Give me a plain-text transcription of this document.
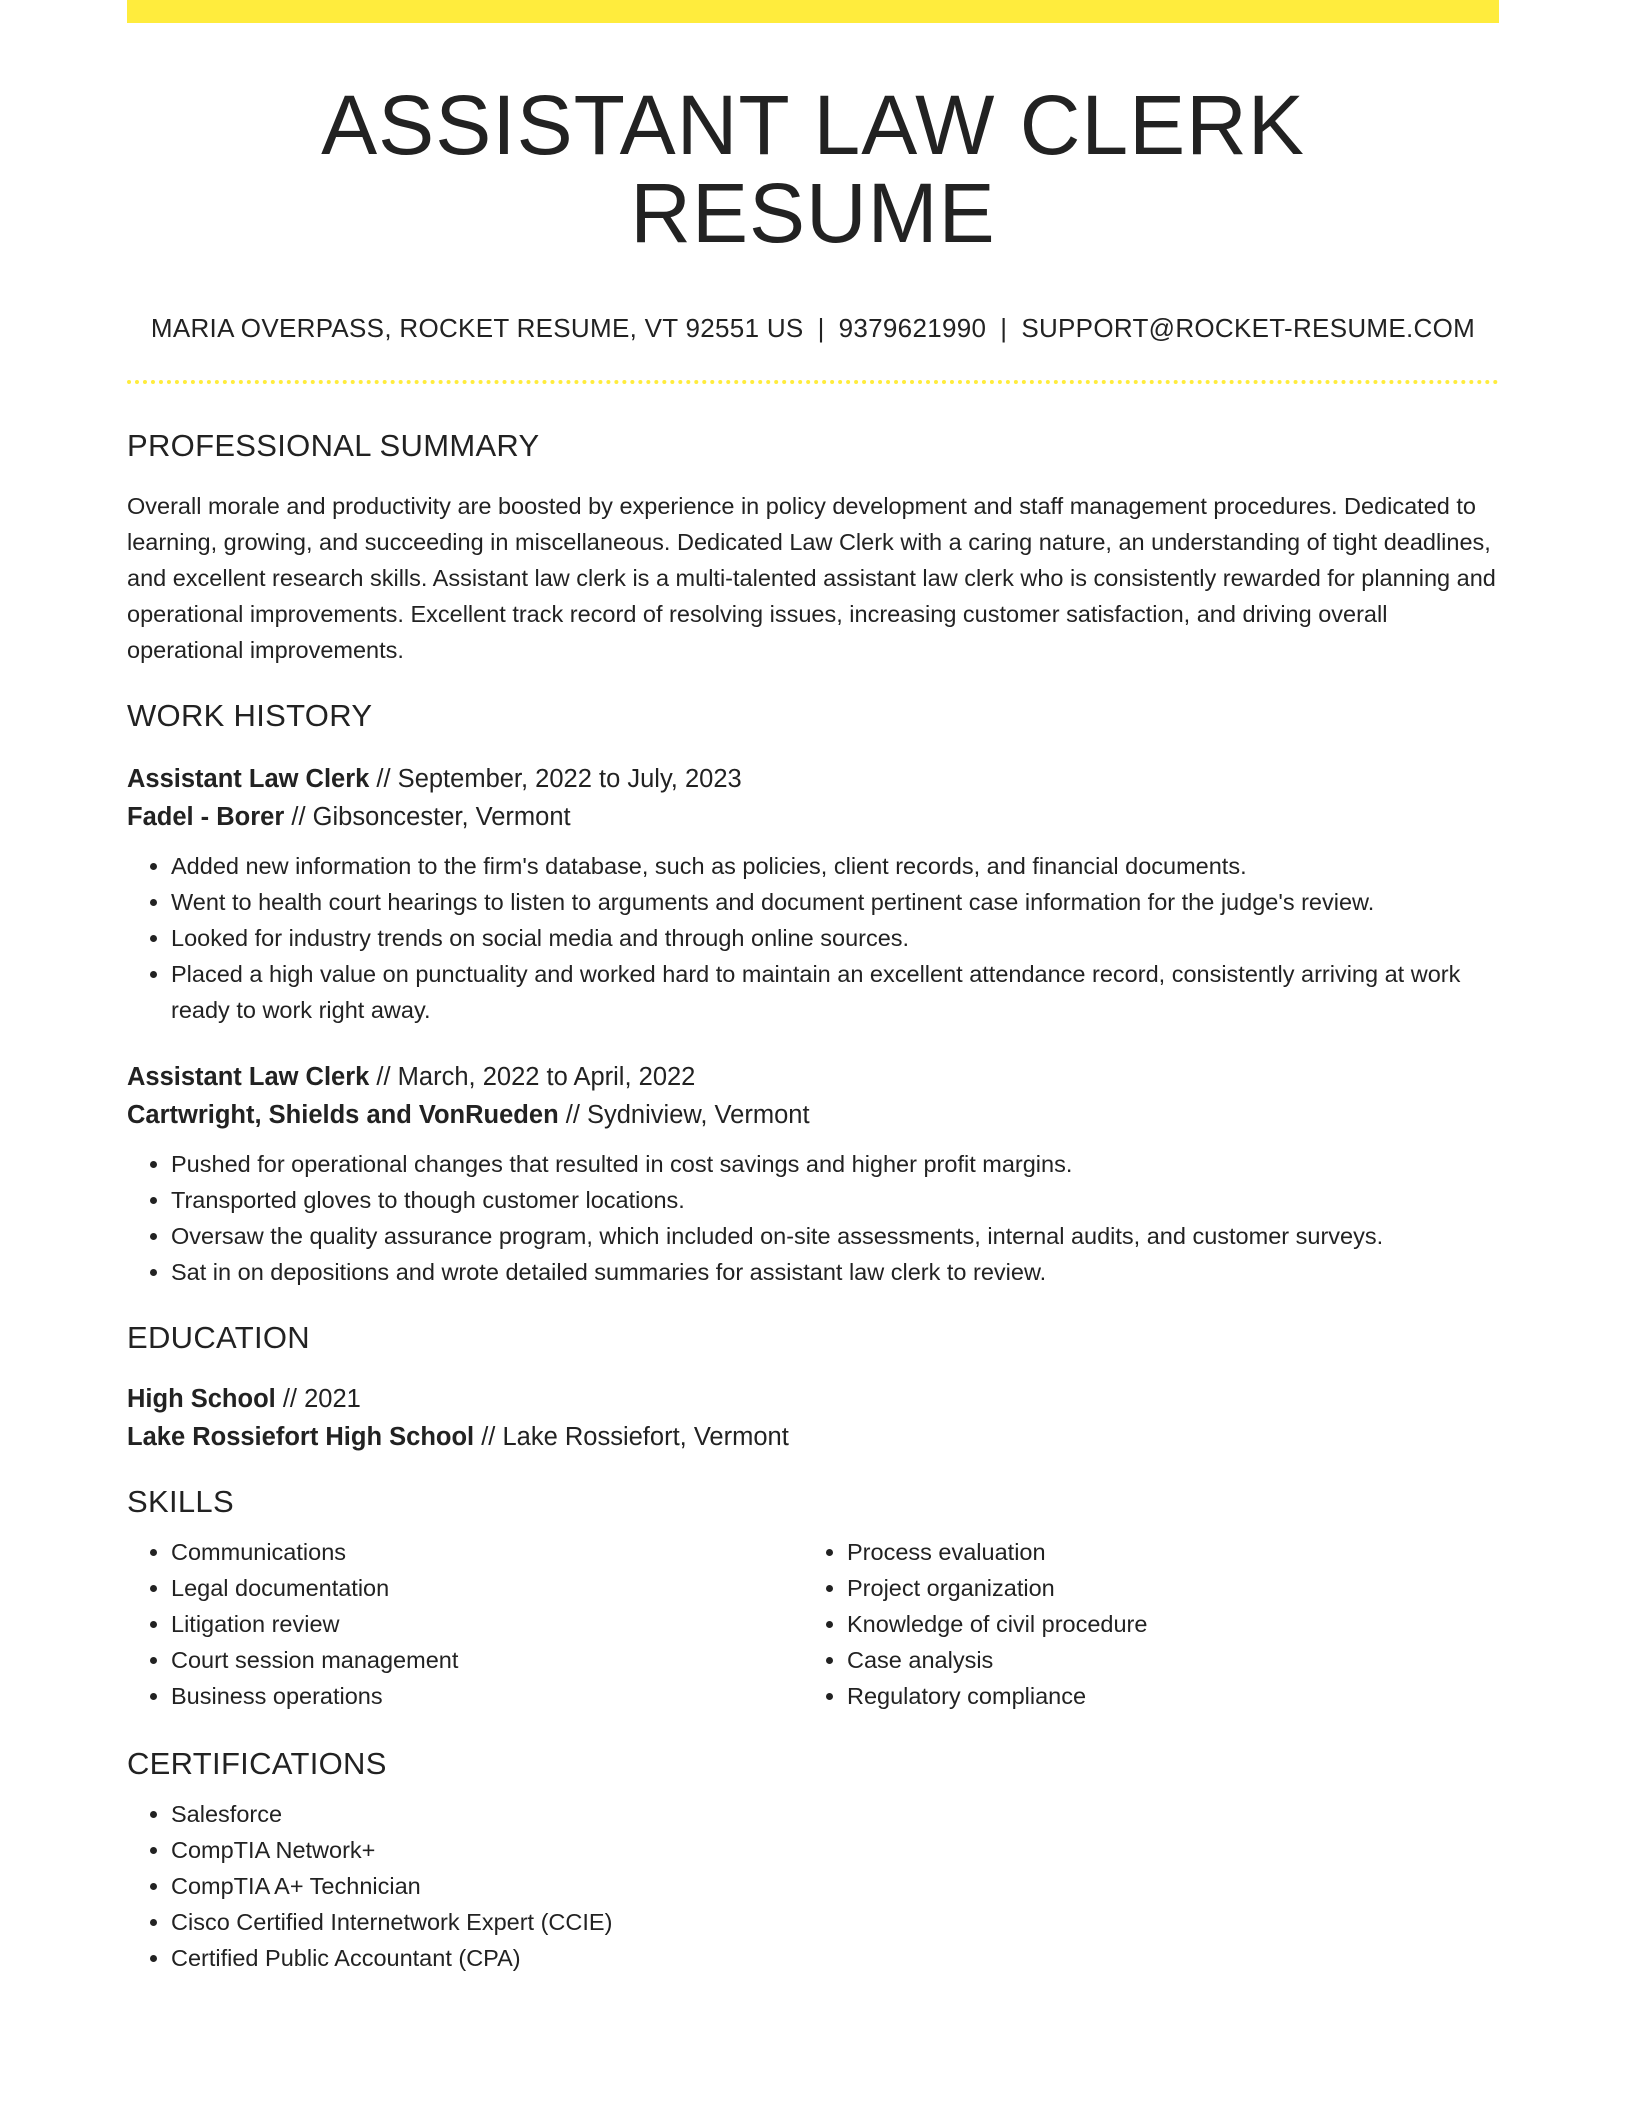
ASSISTANT LAW CLERK RESUME
MARIA OVERPASS, ROCKET RESUME, VT 92551 US | 9379621990 | SUPPORT@ROCKET-RESUME.COM
PROFESSIONAL SUMMARY
Overall morale and productivity are boosted by experience in policy development and staff management procedures. Dedicated to learning, growing, and succeeding in miscellaneous. Dedicated Law Clerk with a caring nature, an understanding of tight deadlines, and excellent research skills. Assistant law clerk is a multi-talented assistant law clerk who is consistently rewarded for planning and operational improvements. Excellent track record of resolving issues, increasing customer satisfaction, and driving overall operational improvements.
WORK HISTORY
Assistant Law Clerk // September, 2022 to July, 2023
Fadel - Borer // Gibsoncester, Vermont
• Added new information to the firm's database, such as policies, client records, and financial documents.
• Went to health court hearings to listen to arguments and document pertinent case information for the judge's review.
• Looked for industry trends on social media and through online sources.
• Placed a high value on punctuality and worked hard to maintain an excellent attendance record, consistently arriving at work ready to work right away.
Assistant Law Clerk // March, 2022 to April, 2022
Cartwright, Shields and VonRueden // Sydniview, Vermont
• Pushed for operational changes that resulted in cost savings and higher profit margins.
• Transported gloves to though customer locations.
• Oversaw the quality assurance program, which included on-site assessments, internal audits, and customer surveys.
• Sat in on depositions and wrote detailed summaries for assistant law clerk to review.
EDUCATION
High School // 2021
Lake Rossiefort High School // Lake Rossiefort, Vermont
SKILLS
• Communications
• Legal documentation
• Litigation review
• Court session management
• Business operations
• Process evaluation
• Project organization
• Knowledge of civil procedure
• Case analysis
• Regulatory compliance
CERTIFICATIONS
• Salesforce
• CompTIA Network+
• CompTIA A+ Technician
• Cisco Certified Internetwork Expert (CCIE)
• Certified Public Accountant (CPA)
